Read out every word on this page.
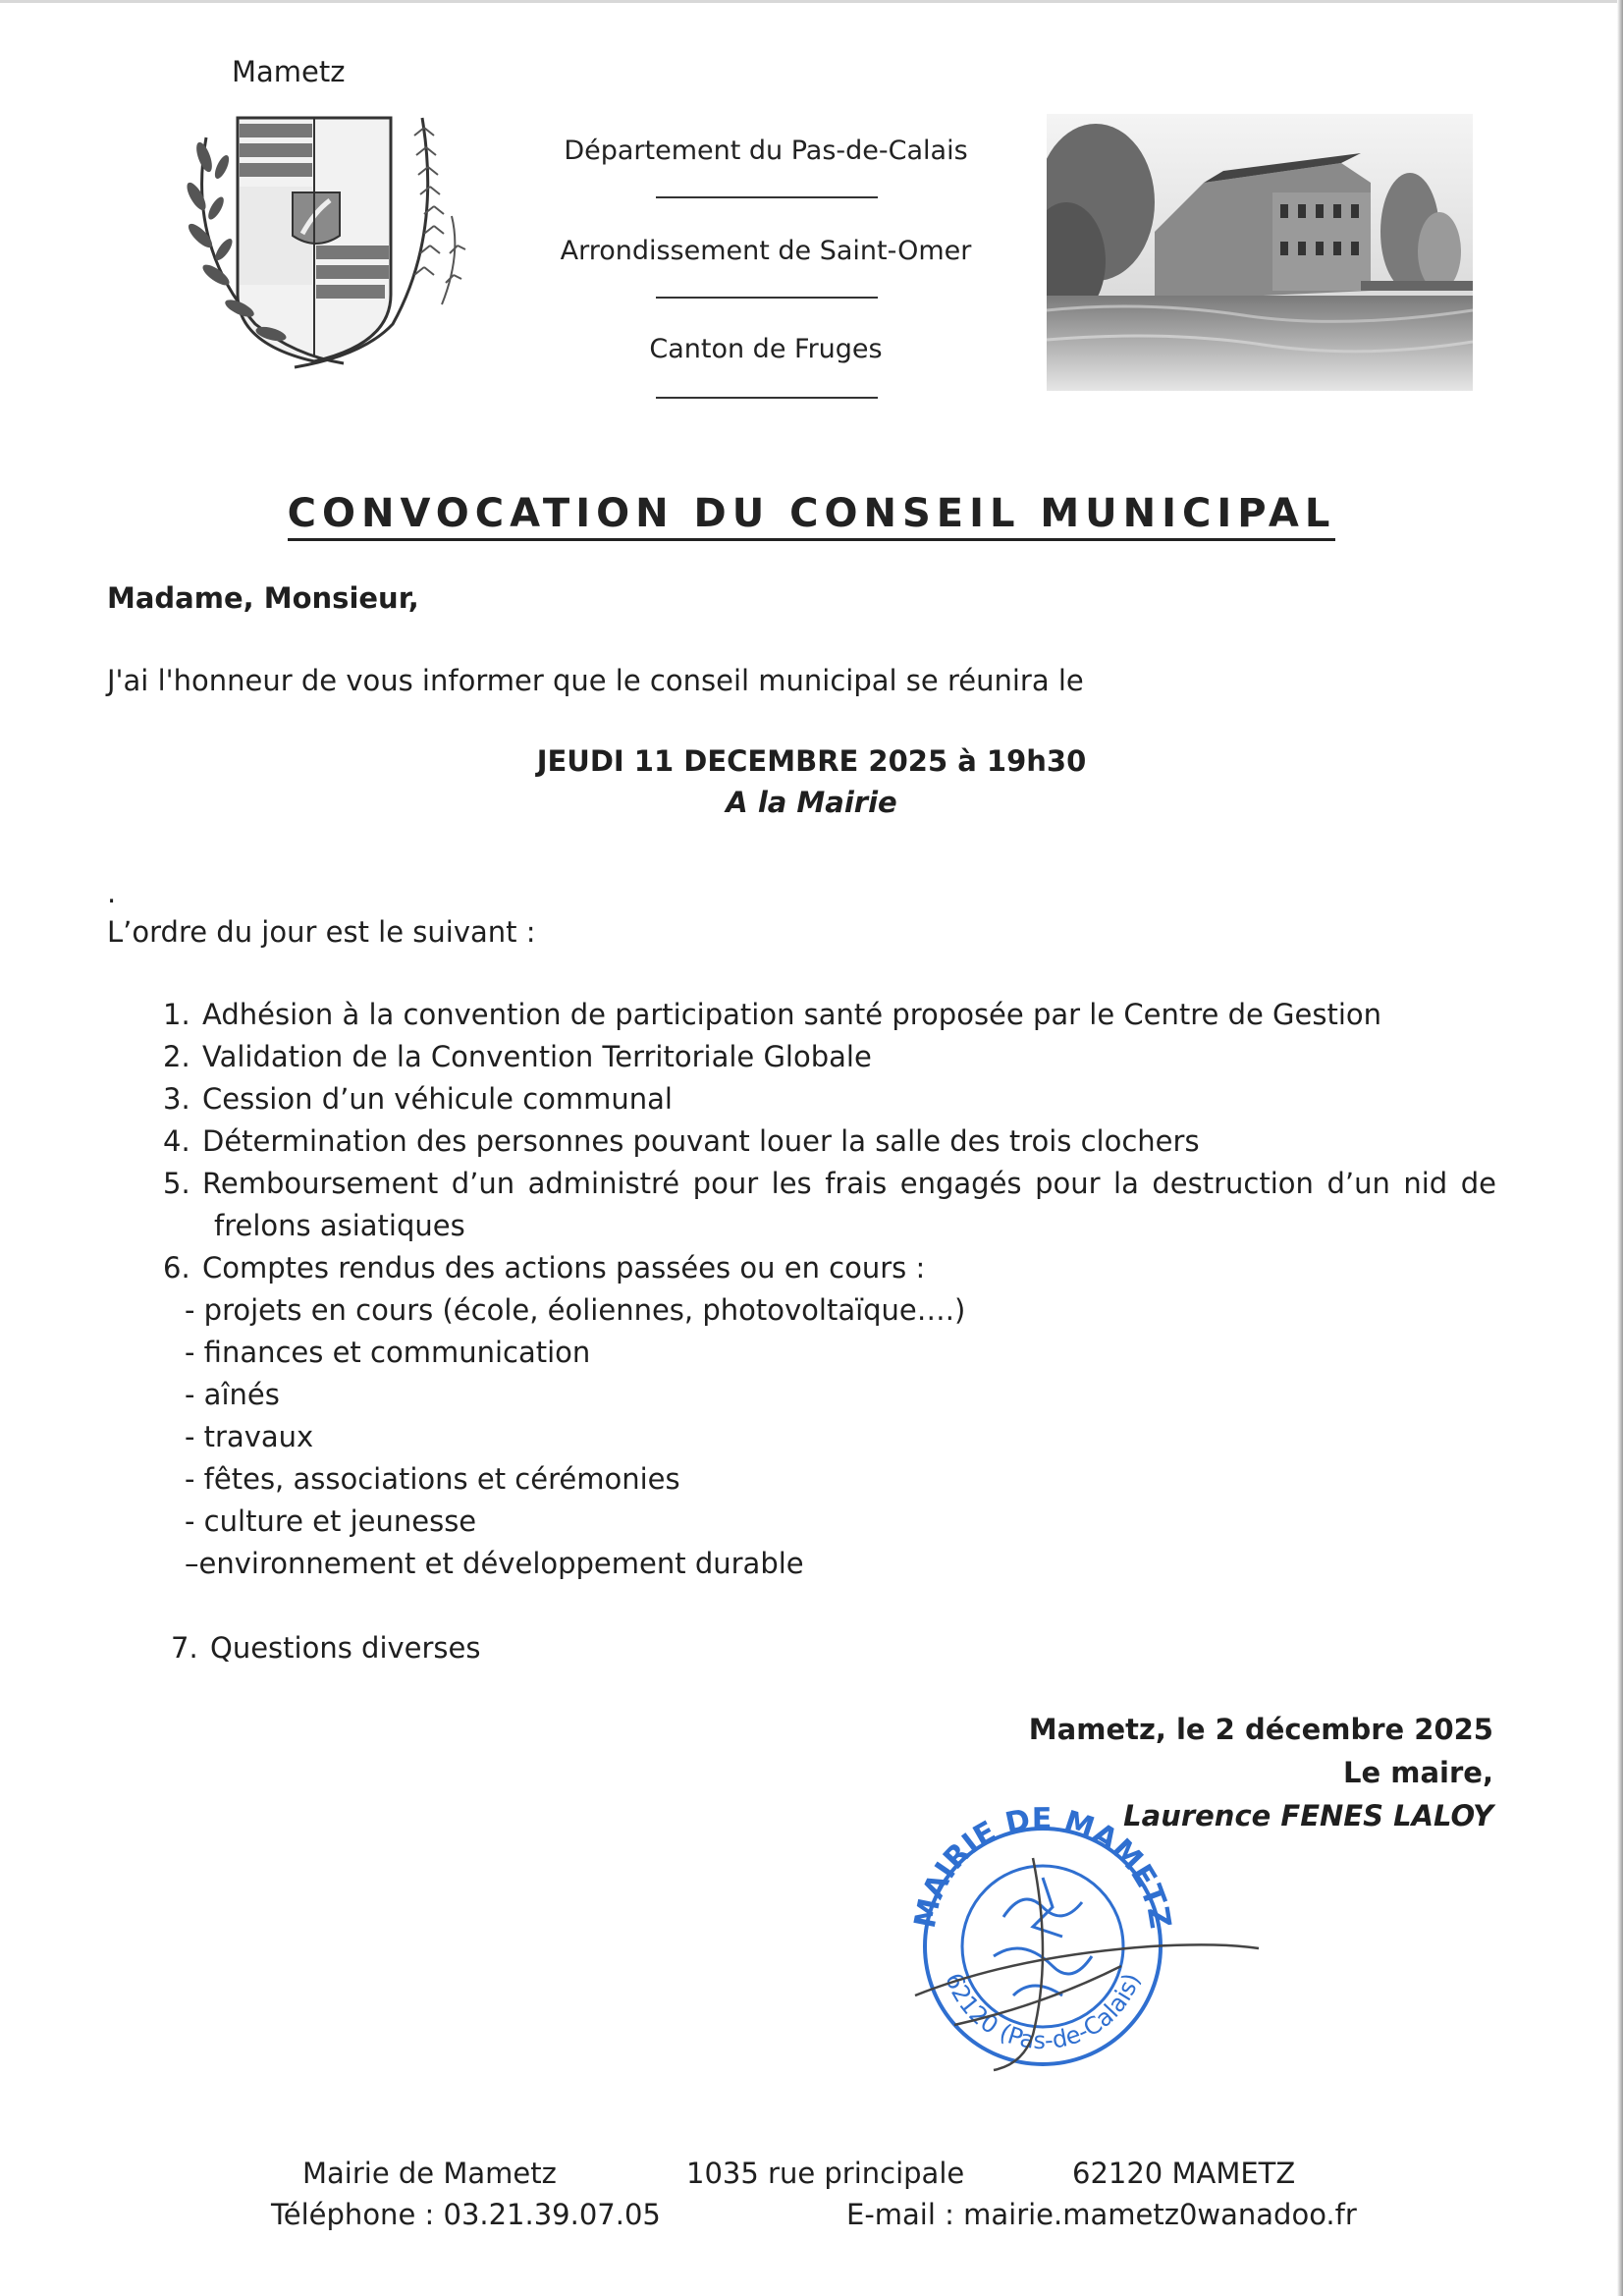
Mametz
Département du Pas-de-Calais
Arrondissement de Saint-Omer
Canton de Fruges
CONVOCATION DU CONSEIL MUNICIPAL
Madame, Monsieur,
J'ai l'honneur de vous informer que le conseil municipal se réunira le
JEUDI 11 DECEMBRE 2025 à 19h30
A la Mairie
.
L’ordre du jour est le suivant :
1. Adhésion à la convention de participation santé proposée par le Centre de Gestion
2. Validation de la Convention Territoriale Globale
3. Cession d’un véhicule communal
4. Détermination des personnes pouvant louer la salle des trois clochers
5. Remboursement d’un administré pour les frais engagés pour la destruction d’un nid de
frelons asiatiques
6. Comptes rendus des actions passées ou en cours :
- projets en cours (école, éoliennes, photovoltaïque….)
- finances et communication
- aînés
- travaux
- fêtes, associations et cérémonies
- culture et jeunesse
–environnement et développement durable
7. Questions diverses
Mametz, le 2 décembre 2025
Le maire,
Laurence FENES LALOY
MAIRIE DE MAMETZ
62120 (Pas-de-Calais)
Mairie de Mametz	1035 rue principale	62120 MAMETZ
Téléphone : 03.21.39.07.05	E-mail : mairie.mametz0wanadoo.fr
